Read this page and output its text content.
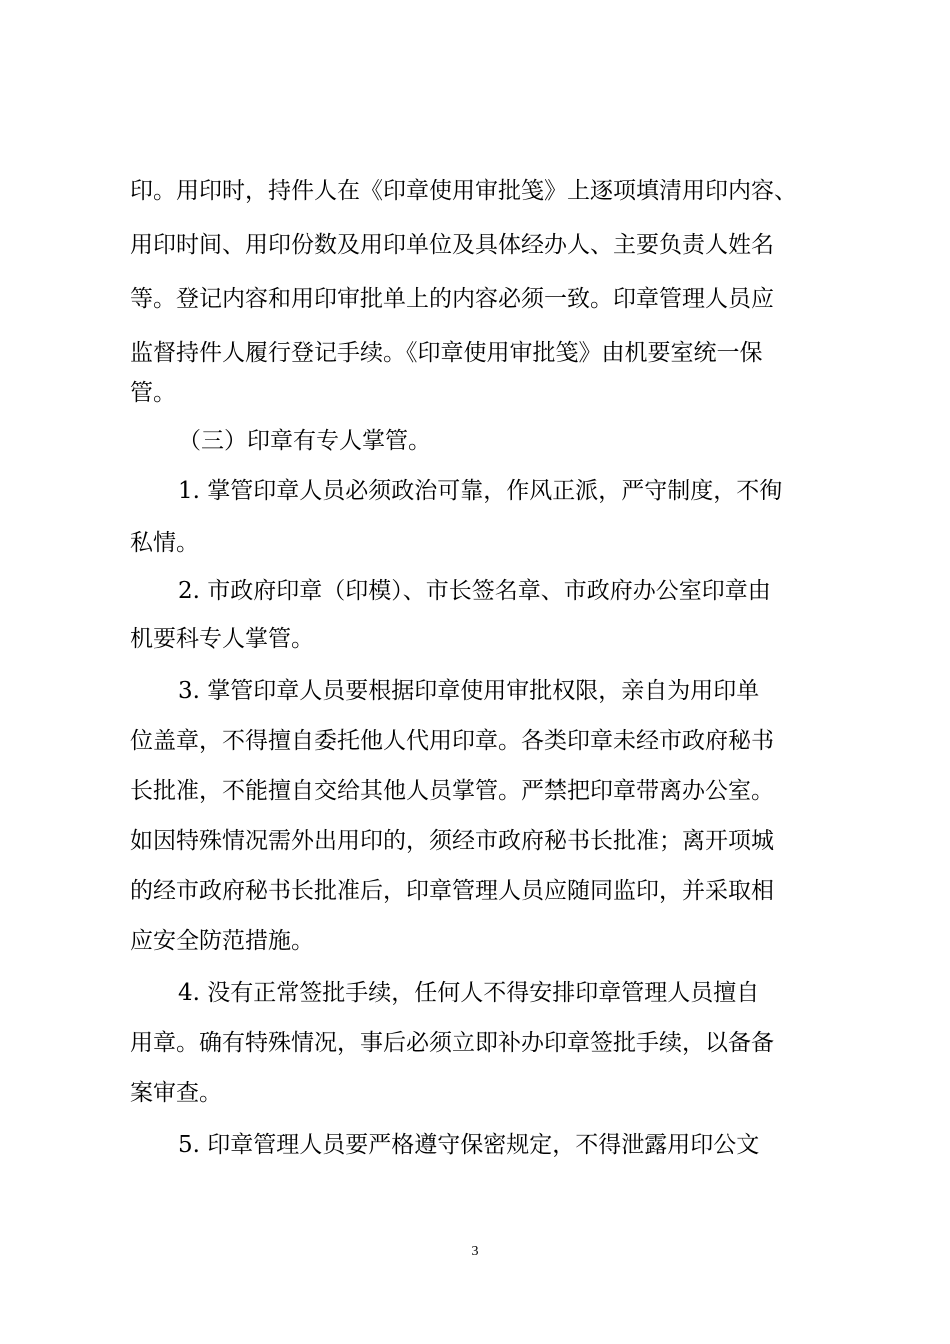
印。用印时，持件人在《印章使用审批笺》上逐项填清用印内容、
用印时间、用印份数及用印单位及具体经办人、主要负责人姓名
等。登记内容和用印审批单上的内容必须一致。印章管理人员应
监督持件人履行登记手续。《印章使用审批笺》由机要室统一保
管。
（三）印章有专人掌管。
1. 掌管印章人员必须政治可靠，作风正派，严守制度，不徇
私情。
2. 市政府印章（印模）、市长签名章、市政府办公室印章由
机要科专人掌管。
3. 掌管印章人员要根据印章使用审批权限，亲自为用印单
位盖章，不得擅自委托他人代用印章。各类印章未经市政府秘书
长批准，不能擅自交给其他人员掌管。严禁把印章带离办公室。
如因特殊情况需外出用印的，须经市政府秘书长批准；离开项城
的经市政府秘书长批准后，印章管理人员应随同监印，并采取相
应安全防范措施。
4. 没有正常签批手续，任何人不得安排印章管理人员擅自
用章。确有特殊情况，事后必须立即补办印章签批手续，以备备
案审查。
5. 印章管理人员要严格遵守保密规定，不得泄露用印公文
3
